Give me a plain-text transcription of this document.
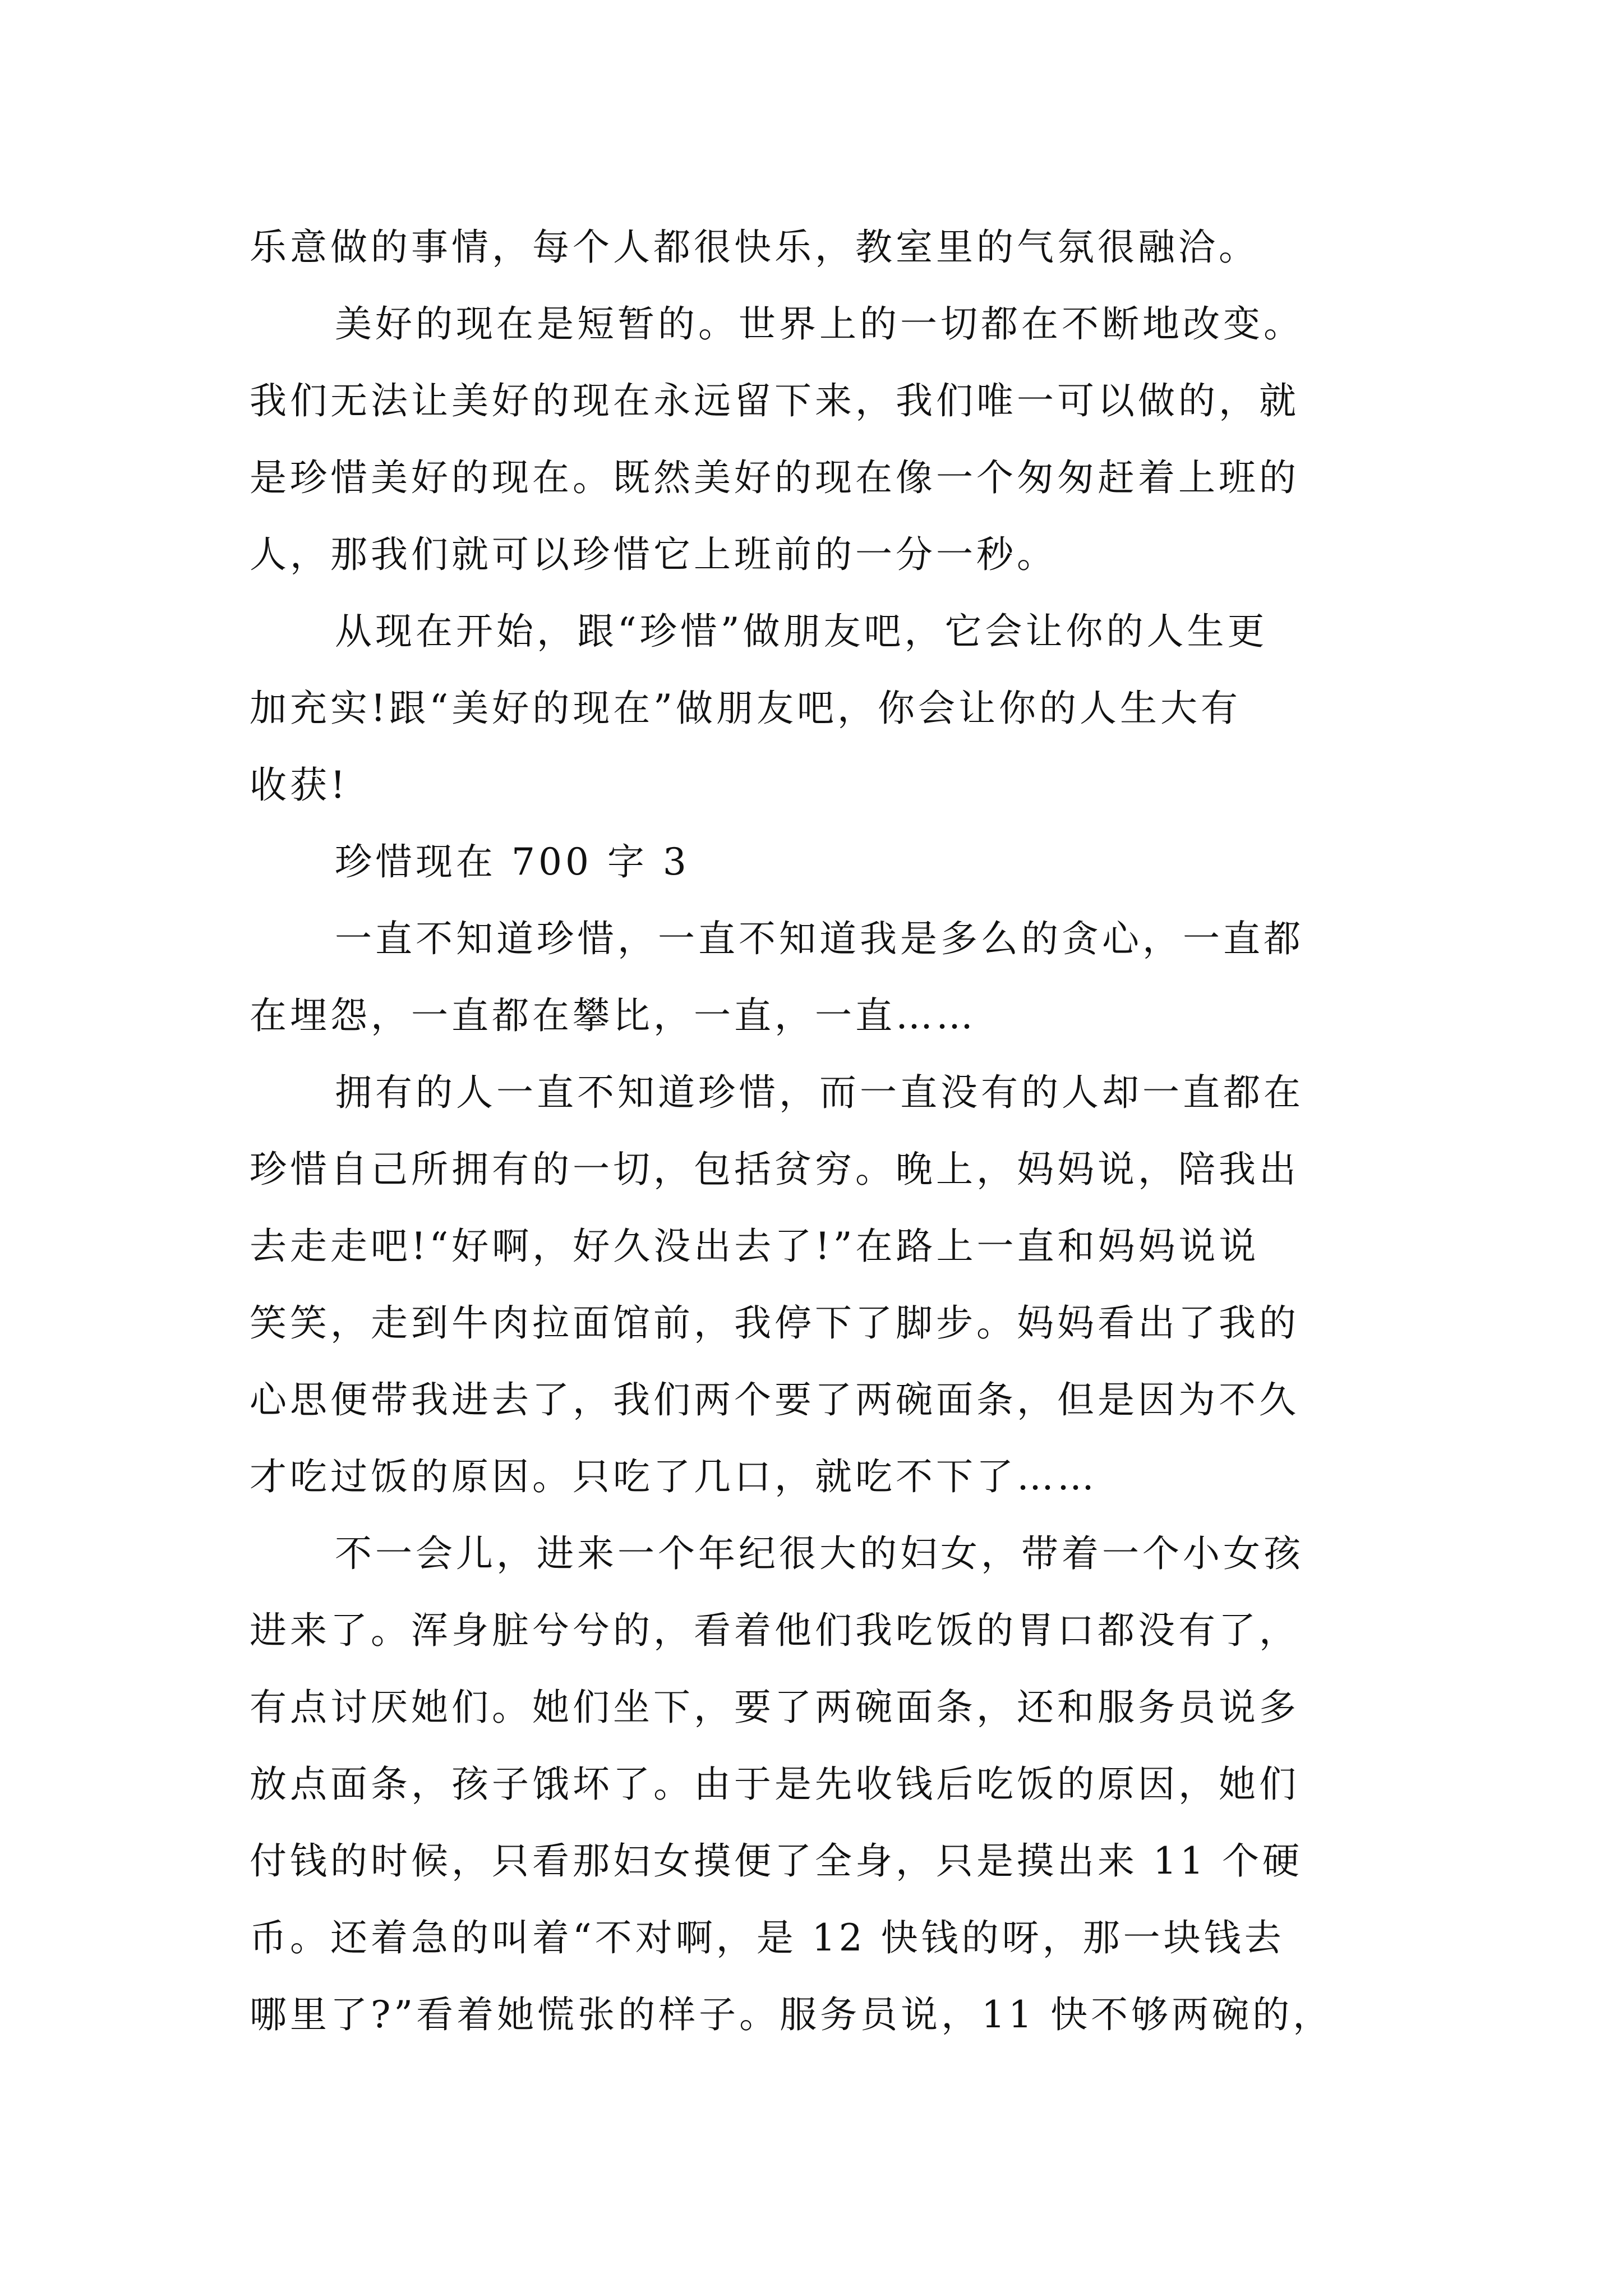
乐意做的事情，每个人都很快乐，教室里的气氛很融洽。
美好的现在是短暂的。世界上的一切都在不断地改变。
我们无法让美好的现在永远留下来，我们唯一可以做的，就
是珍惜美好的现在。既然美好的现在像一个匆匆赶着上班的
人，那我们就可以珍惜它上班前的一分一秒。
从现在开始，跟“珍惜”做朋友吧，它会让你的人生更
加充实!跟“美好的现在”做朋友吧，你会让你的人生大有
收获!
珍惜现在 700 字 3
一直不知道珍惜，一直不知道我是多么的贪心，一直都
在埋怨，一直都在攀比，一直，一直……
拥有的人一直不知道珍惜，而一直没有的人却一直都在
珍惜自己所拥有的一切，包括贫穷。晚上，妈妈说，陪我出
去走走吧!“好啊，好久没出去了!”在路上一直和妈妈说说
笑笑，走到牛肉拉面馆前，我停下了脚步。妈妈看出了我的
心思便带我进去了，我们两个要了两碗面条，但是因为不久
才吃过饭的原因。只吃了几口，就吃不下了……
不一会儿，进来一个年纪很大的妇女，带着一个小女孩
进来了。浑身脏兮兮的，看着他们我吃饭的胃口都没有了，
有点讨厌她们。她们坐下，要了两碗面条，还和服务员说多
放点面条，孩子饿坏了。由于是先收钱后吃饭的原因，她们
付钱的时候，只看那妇女摸便了全身，只是摸出来 11 个硬
币。还着急的叫着“不对啊，是 12 快钱的呀，那一块钱去
哪里了?”看着她慌张的样子。服务员说，11 快不够两碗的，
